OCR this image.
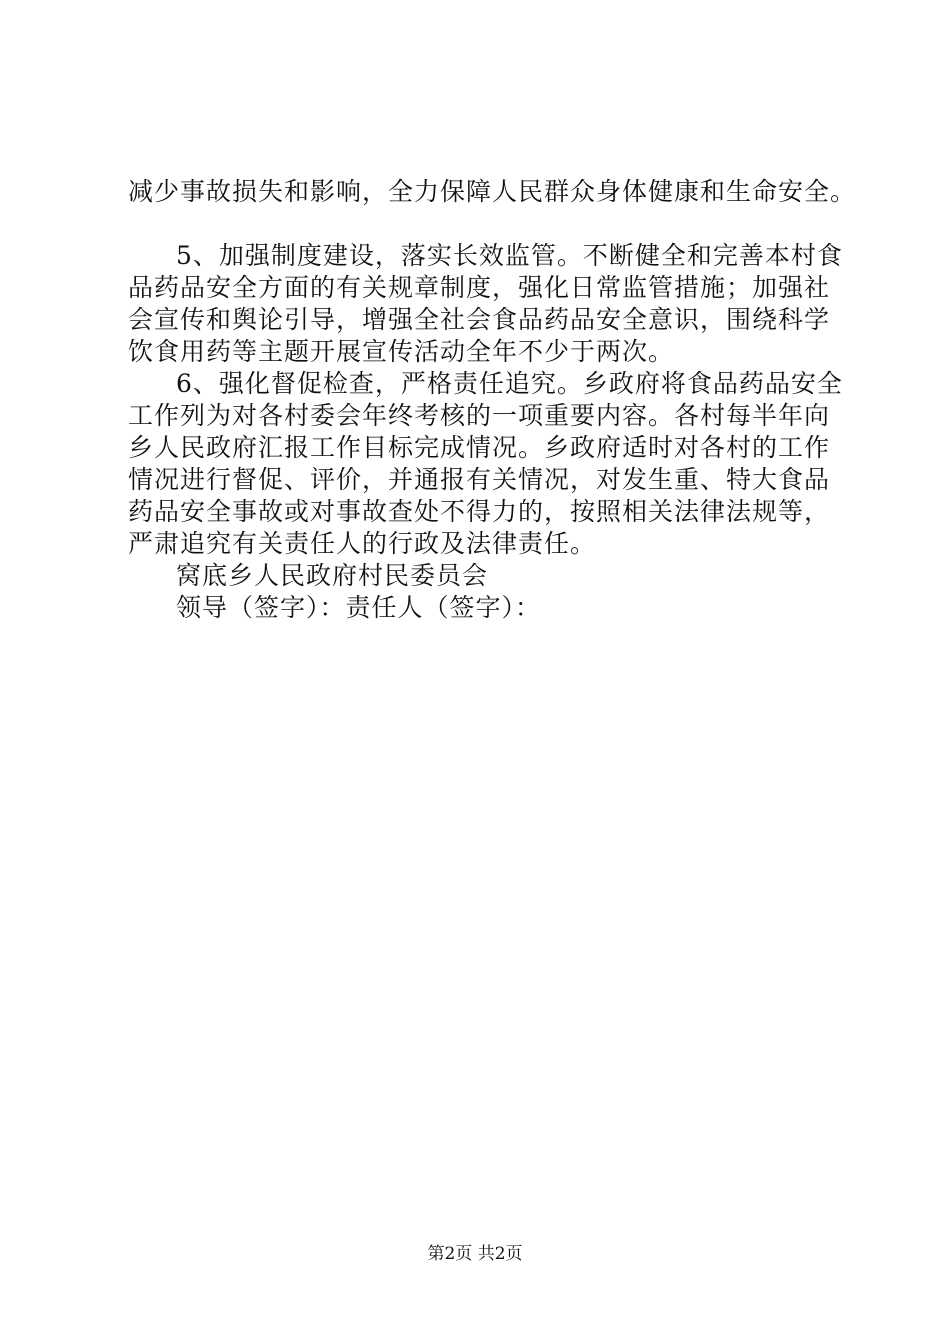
减少事故损失和影响，全力保障人民群众身体健康和生命安全。
5、加强制度建设，落实长效监管。不断健全和完善本村食
品药品安全方面的有关规章制度，强化日常监管措施；加强社
会宣传和舆论引导，增强全社会食品药品安全意识，围绕科学
饮食用药等主题开展宣传活动全年不少于两次。
6、强化督促检查，严格责任追究。乡政府将食品药品安全
工作列为对各村委会年终考核的一项重要内容。各村每半年向
乡人民政府汇报工作目标完成情况。乡政府适时对各村的工作
情况进行督促、评价，并通报有关情况，对发生重、特大食品
药品安全事故或对事故查处不得力的，按照相关法律法规等，
严肃追究有关责任人的行政及法律责任。
窝底乡人民政府村民委员会
领导（签字）：责任人（签字）：
第2页 共2页
